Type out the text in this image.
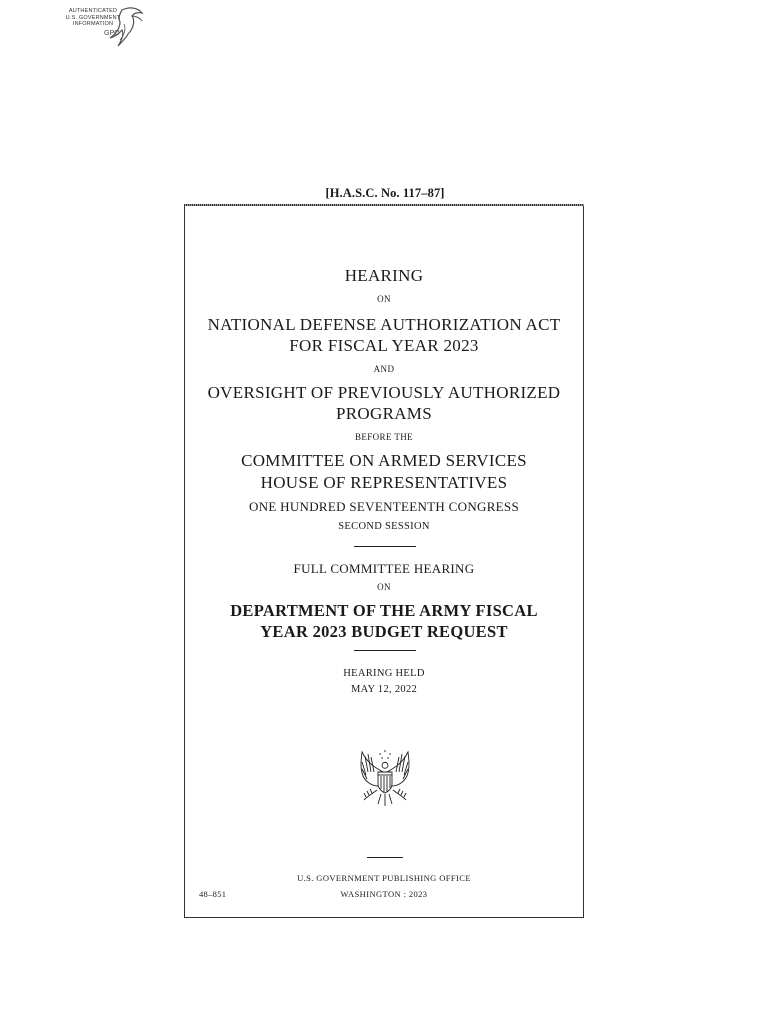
AUTHENTICATED
U.S. GOVERNMENT
INFORMATION
GPO
[H.A.S.C. No. 117–87]
HEARING
ON
NATIONAL DEFENSE AUTHORIZATION ACT
FOR FISCAL YEAR 2023
AND
OVERSIGHT OF PREVIOUSLY AUTHORIZED
PROGRAMS
BEFORE THE
COMMITTEE ON ARMED SERVICES
HOUSE OF REPRESENTATIVES
ONE HUNDRED SEVENTEENTH CONGRESS
SECOND SESSION
FULL COMMITTEE HEARING
ON
DEPARTMENT OF THE ARMY FISCAL
YEAR 2023 BUDGET REQUEST
HEARING HELD
MAY 12, 2022
U.S. GOVERNMENT PUBLISHING OFFICE
48–851	WASHINGTON : 2023
